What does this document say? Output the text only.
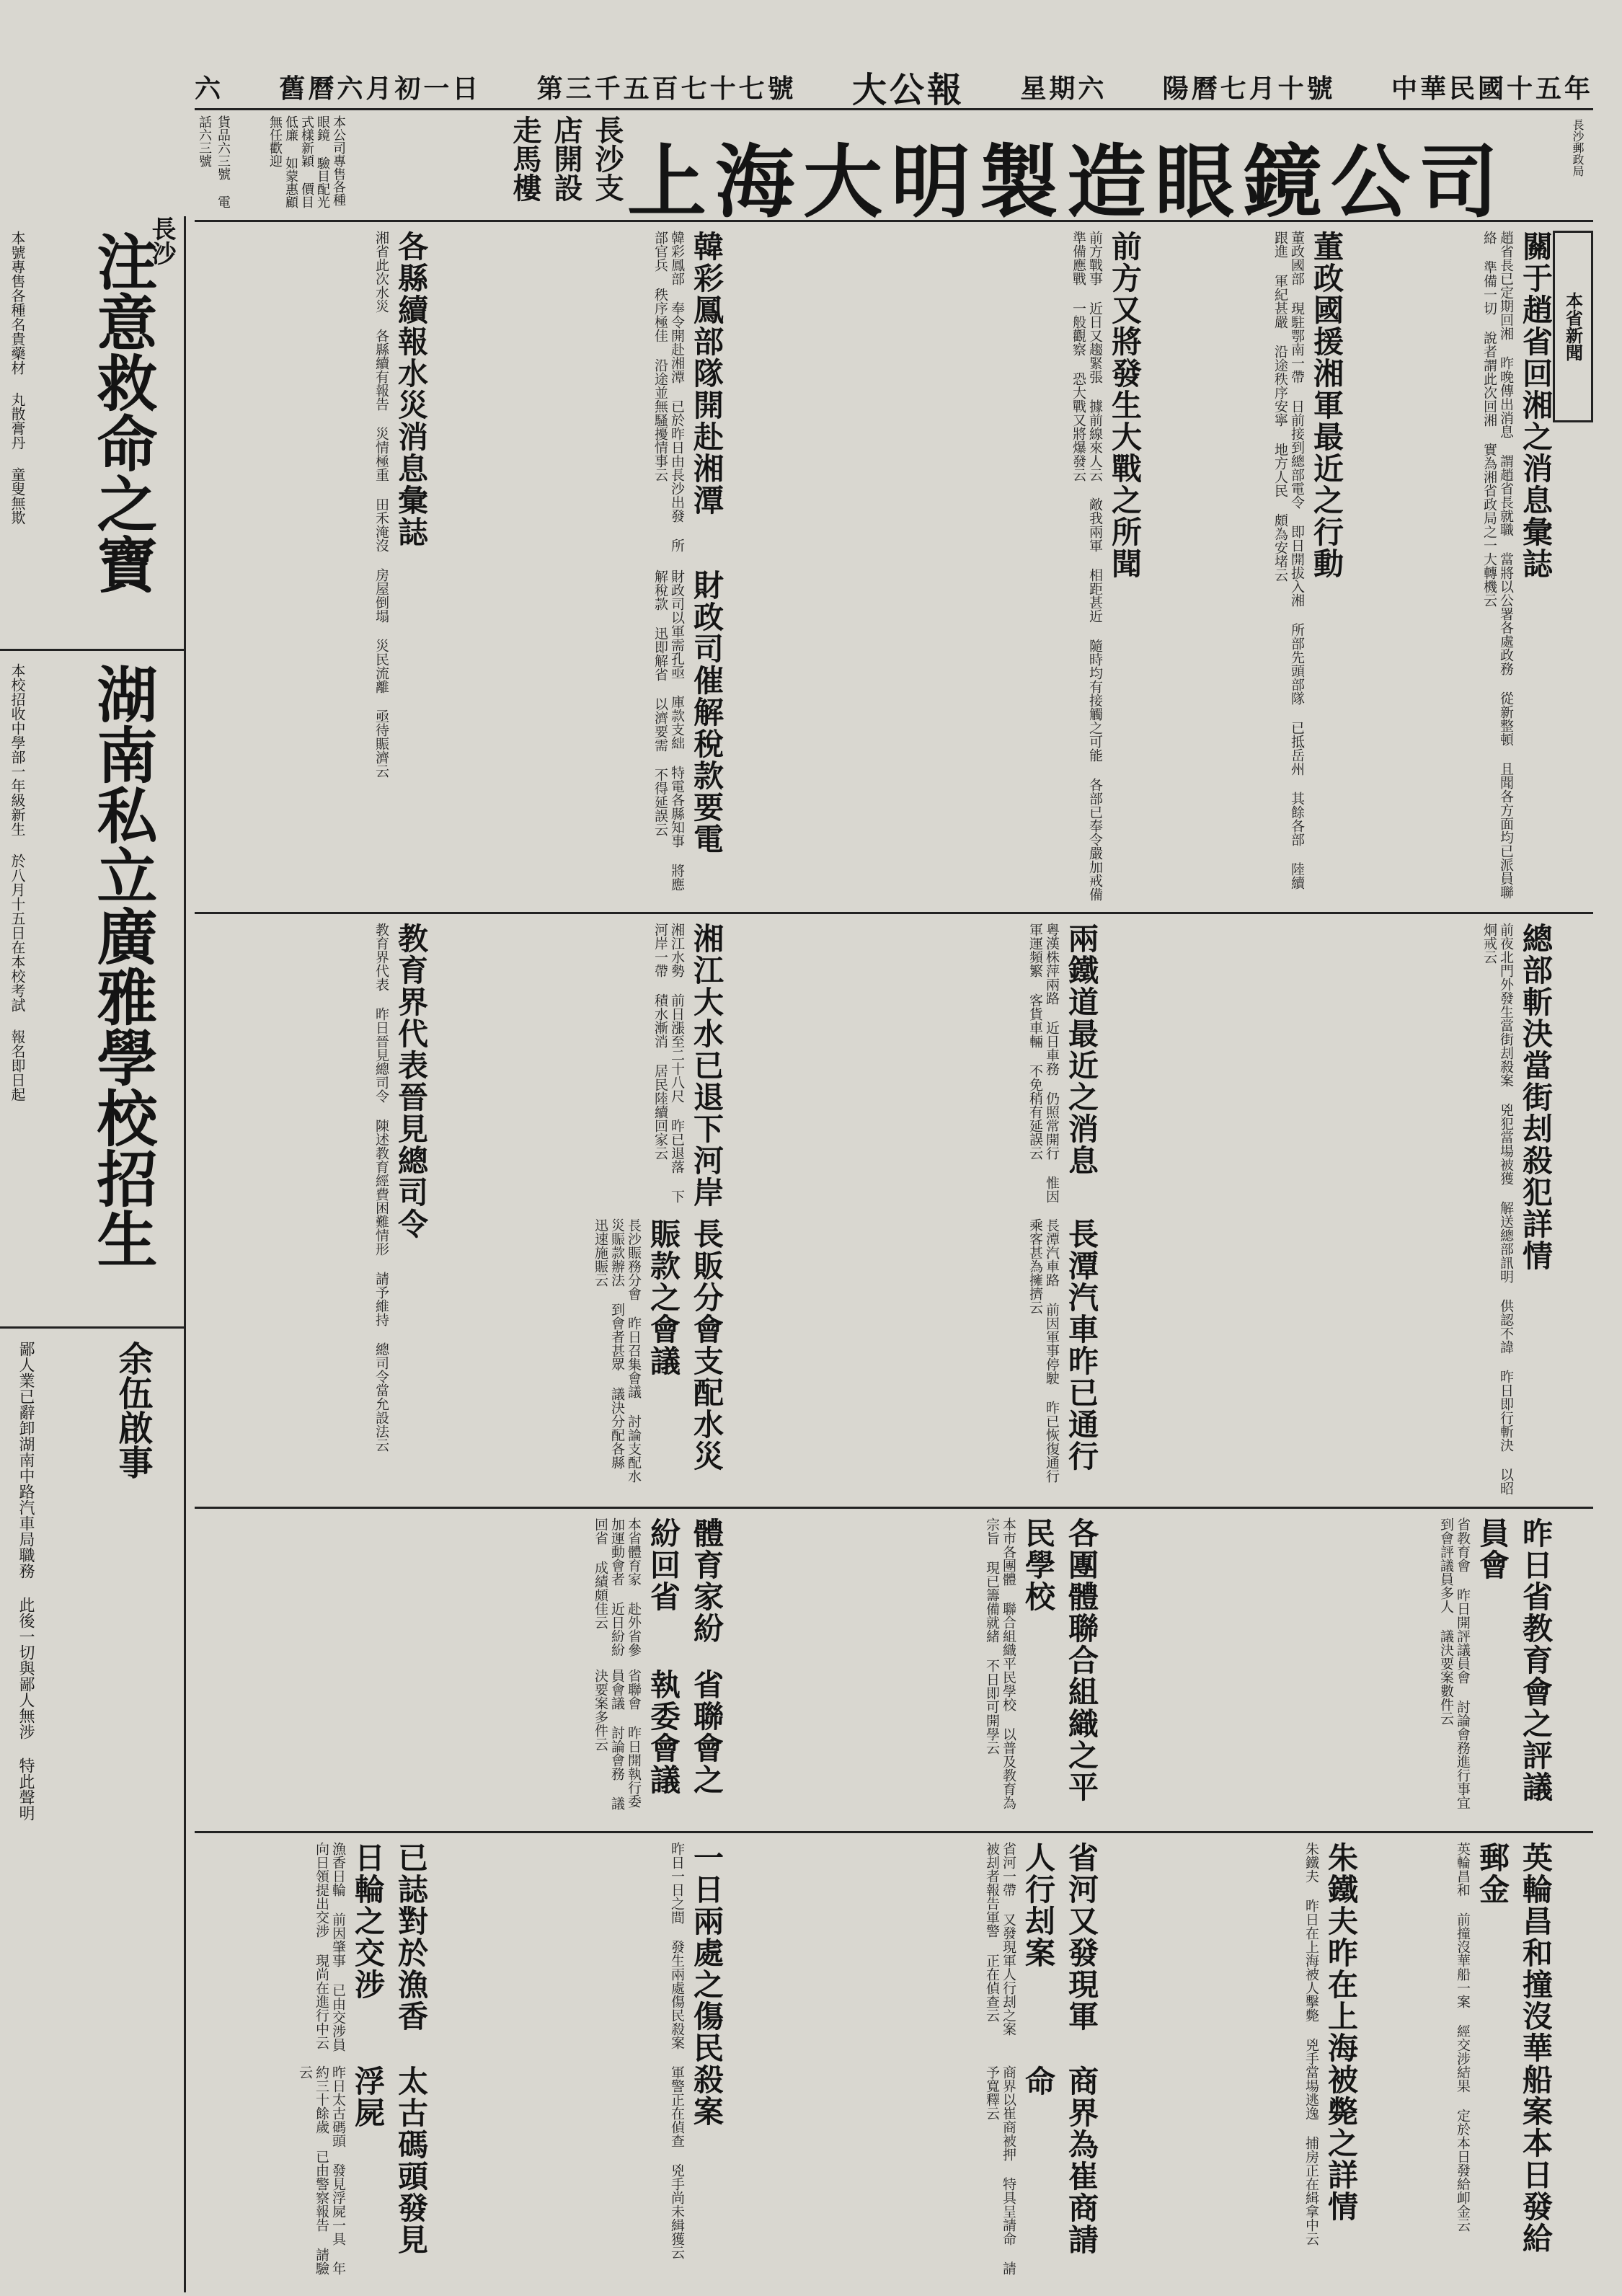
六 舊曆六月初一日 第三千五百七十七號 大公報 星期六 陽曆七月十號 中華民國十五年
上海大明製造眼鏡公司
長沙支 店開設 走馬樓
本公司專售各種眼鏡 驗目配光 式樣新穎 價目低廉 如蒙惠顧 無任歡迎
貨品六三號 電話六三號	長沙郵政局
本省新聞
關于趙省回湘之消息彙誌
趙省長已定期回湘 昨晚傳出消息 謂趙省長就職 當將以公署各處政務 從新整頓 且聞各方面均已派員聯絡 準備一切 說者謂此次回湘 實為湘省政局之一大轉機云
董政國援湘軍最近之行動
董政國部 現駐鄂南一帶 日前接到總部電令 即日開拔入湘 所部先頭部隊 已抵岳州 其餘各部 陸續跟進 軍紀甚嚴 沿途秩序安寧 地方人民 頗為安堵云
前方又將發生大戰之所聞
前方戰事 近日又趨緊張 據前線來人云 敵我兩軍 相距甚近 隨時均有接觸之可能 各部已奉令嚴加戒備 準備應戰 一般觀察 恐大戰又將爆發云
韓彩鳳部隊開赴湘潭
韓彩鳳部 奉令開赴湘潭 已於昨日由長沙出發 所部官兵 秩序極佳 沿途並無騷擾情事云
財政司催解稅款要電
財政司以軍需孔亟 庫款支絀 特電各縣知事 將應解稅款 迅即解省 以濟要需 不得延誤云
各縣續報水災消息彙誌
湘省此次水災 各縣續有報告 災情極重 田禾淹沒 房屋倒塌 災民流離 亟待賑濟云
總部斬決當街刦殺犯詳情
前夜北門外發生當街刦殺案 兇犯當場被獲 解送總部訊明 供認不諱 昨日即行斬決 以昭炯戒云
兩鐵道最近之消息
粵漢株萍兩路 近日車務 仍照常開行 惟因軍運頻繁 客貨車輛 不免稍有延誤云
長潭汽車昨已通行
長潭汽車路 前因軍事停駛 昨已恢復通行 乘客甚為擁擠云
湘江大水已退下河岸
湘江水勢 前日漲至二十八尺 昨已退落 下河岸一帶 積水漸消 居民陸續回家云
長販分會支配水災賑款之會議
長沙賑務分會 昨日召集會議 討論支配水災賑款辦法 到會者甚眾 議決分配各縣 迅速施賑云
教育界代表晉見總司令
教育界代表 昨日晉見總司令 陳述教育經費困難情形 請予維持 總司令當允設法云
昨日省教育會之評議員會
省教育會 昨日開評議員會 討論會務進行事宜 到會評議員多人 議決要案數件云
各團體聯合組織之平民學校
本市各團體 聯合組織平民學校 以普及教育為宗旨 現已籌備就緒 不日即可開學云
體育家紛紛回省
本省體育家 赴外省參加運動會者 近日紛紛回省 成績頗佳云
省聯會之執委會議
省聯會 昨日開執行委員會議 討論會務 議決要案多件云
朱鐵夫昨在上海被斃之詳情
朱鐵夫 昨日在上海被人擊斃 兇手當場逃逸 捕房正在緝拿中云
省河又發現軍人行刦案
省河一帶 又發現軍人行刦之案 被刦者報告軍警 正在偵查云
已誌對於漁香日輪之交涉
漁香日輪 前因肇事 已由交涉員 向日領提出交涉 現尚在進行中云
太古碼頭發見浮屍
昨日太古碼頭 發見浮屍一具 年約三十餘歲 已由警察報告 請驗云	英輪昌和撞沒華船案本日發給郵金
英輪昌和 前撞沒華船一案 經交涉結果 定於本日發給卹金云
商界為崔商請命
商界以崔商被押 特具呈請命 請予寬釋云
一日兩處之傷民殺案
昨日一日之間 發生兩處傷民殺案 軍警正在偵查 兇手尚未緝獲云
長沙
注意救命之寶
本號專售各種名貴藥材 丸散膏丹 童叟無欺
湖南私立廣雅學校招生
本校招收中學部一年級新生 於八月十五日在本校考試 報名即日起
余伍啟事
鄙人業已辭卸湖南中路汽車局職務 此後一切與鄙人無涉 特此聲明
